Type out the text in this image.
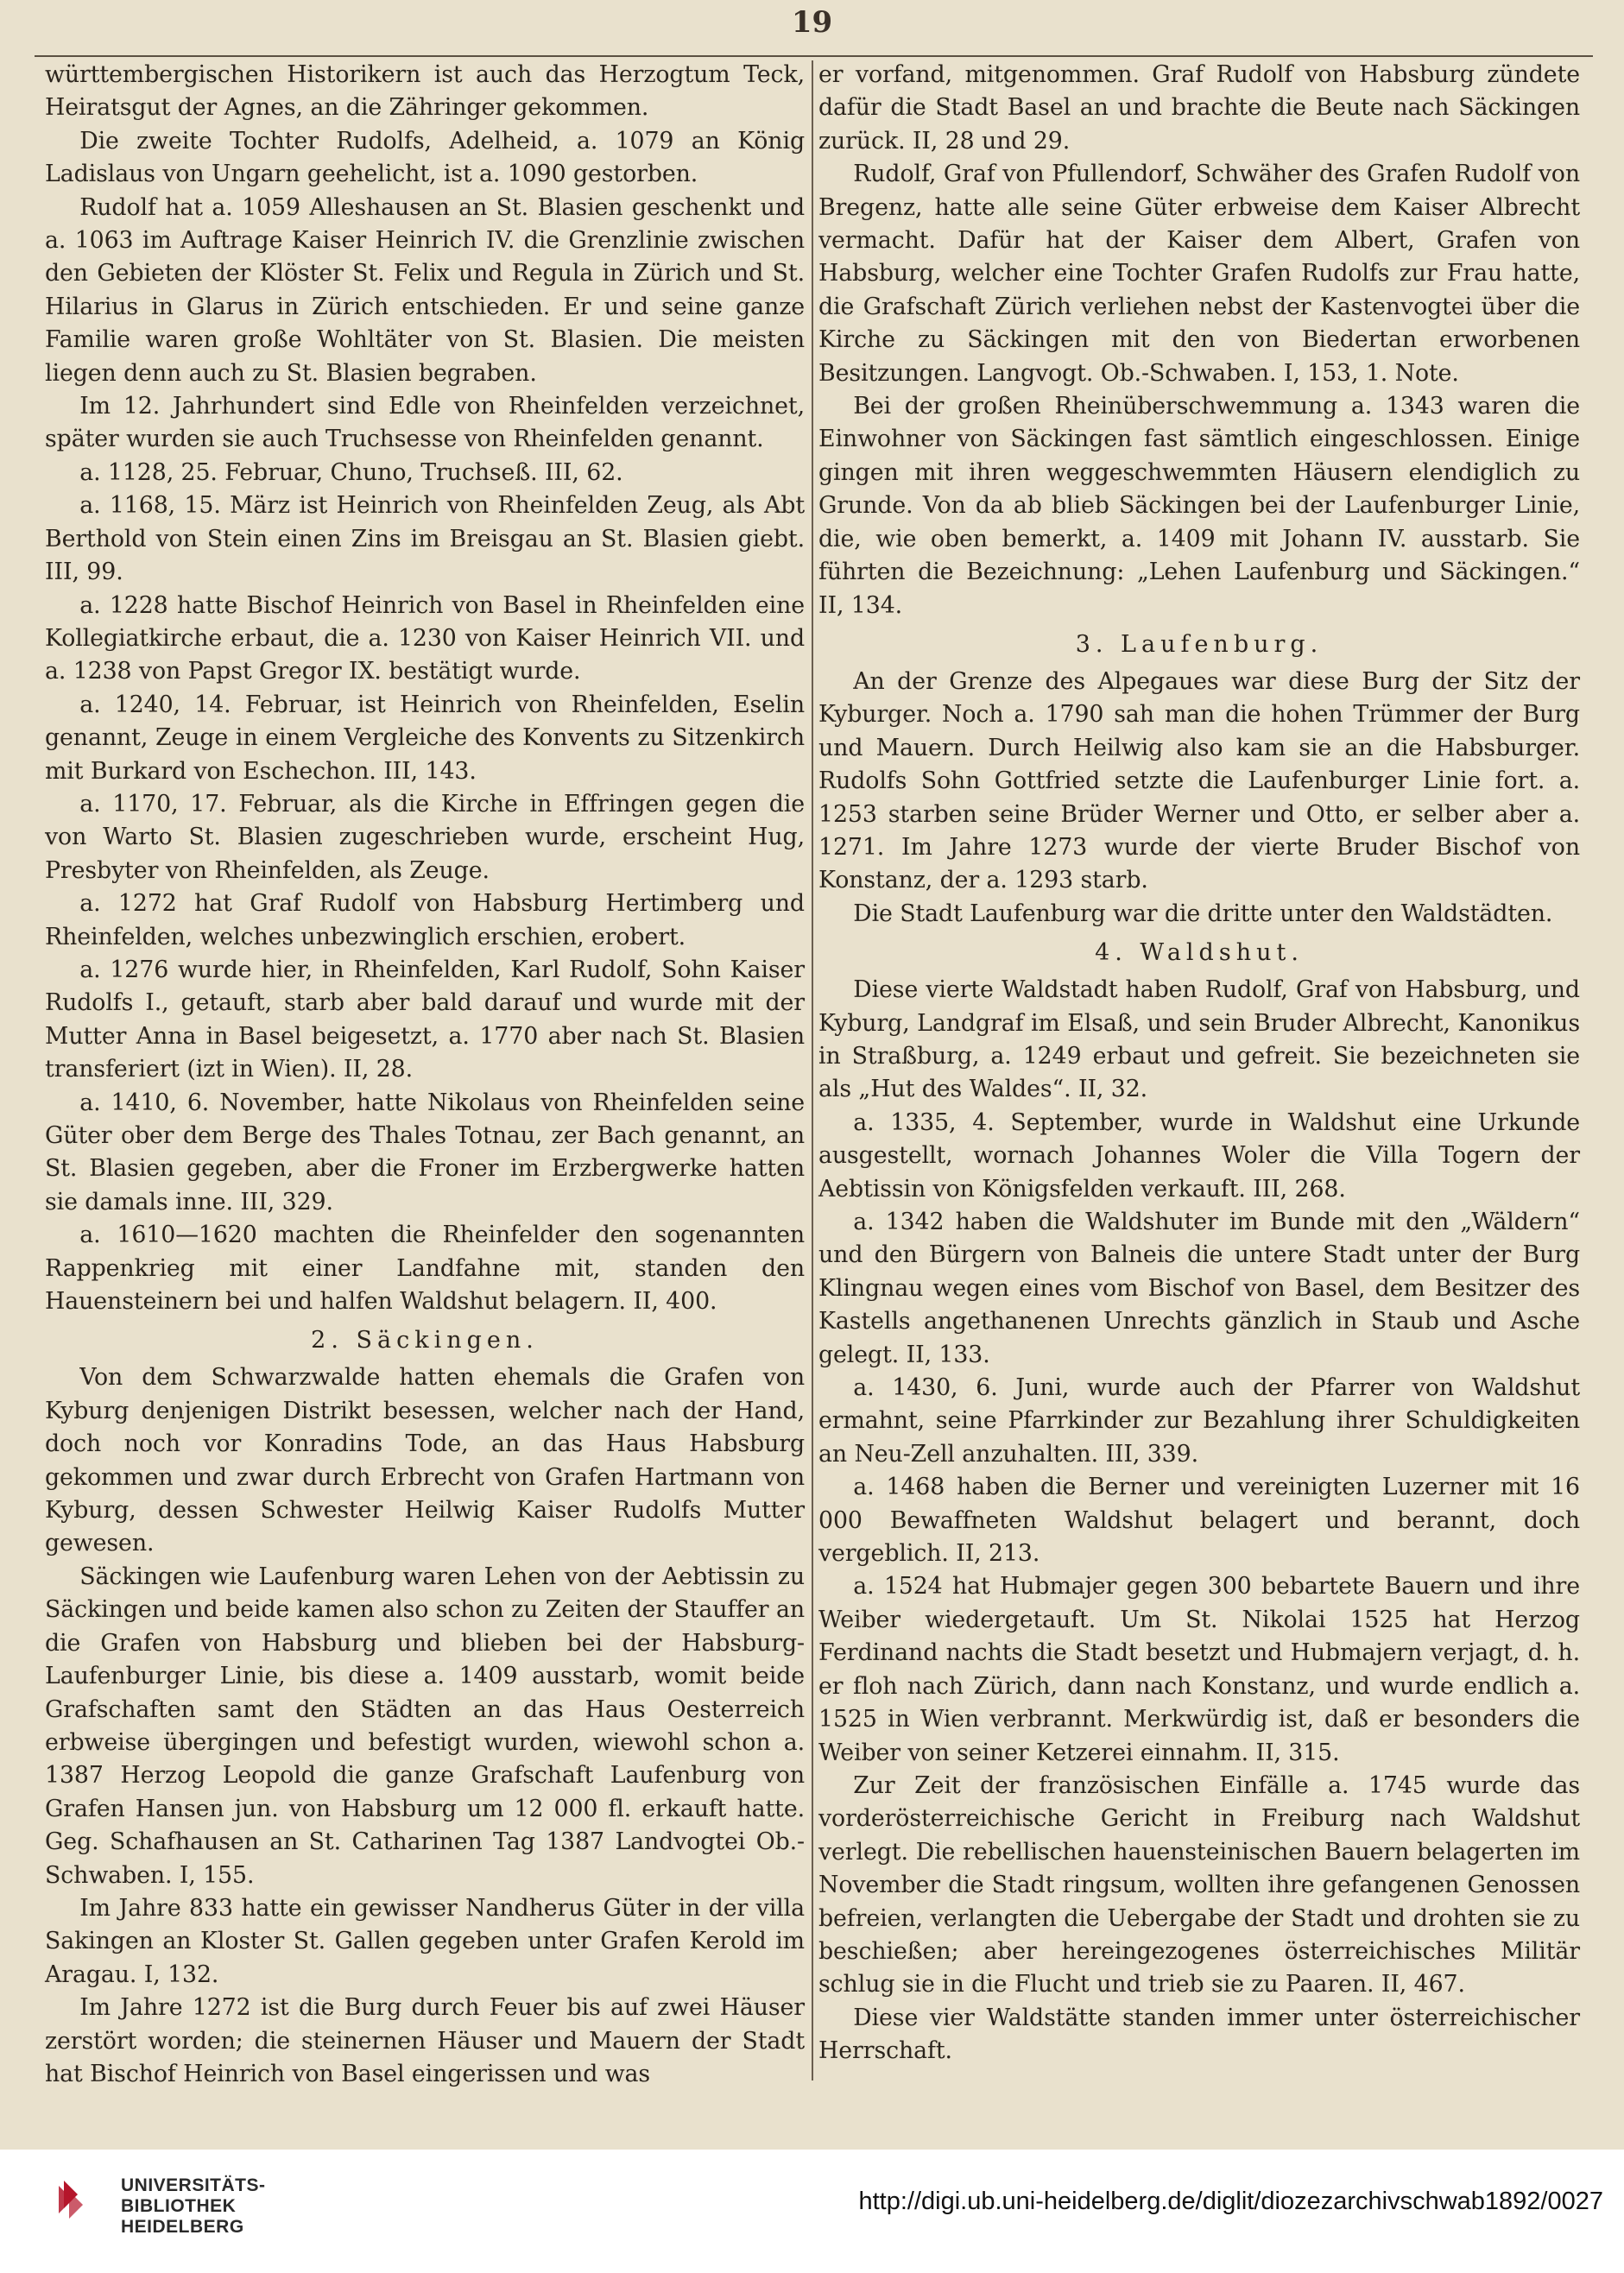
19

württembergischen Historikern ist auch das Herzogtum Teck, Heiratsgut der Agnes, an die Zähringer gekommen.

Die zweite Tochter Rudolfs, Adelheid, a. 1079 an König Ladislaus von Ungarn geehelicht, ist a. 1090 gestorben.

Rudolf hat a. 1059 Alleshausen an St. Blasien geschenkt und a. 1063 im Auftrage Kaiser Heinrich IV. die Grenzlinie zwischen den Gebieten der Klöster St. Felix und Regula in Zürich und St. Hilarius in Glarus in Zürich entschieden. Er und seine ganze Familie waren große Wohltäter von St. Blasien. Die meisten liegen denn auch zu St. Blasien begraben.

Im 12. Jahrhundert sind Edle von Rheinfelden verzeichnet, später wurden sie auch Truchsesse von Rheinfelden genannt.

a. 1128, 25. Februar, Chuno, Truchseß. III, 62.

a. 1168, 15. März ist Heinrich von Rheinfelden Zeug, als Abt Berthold von Stein einen Zins im Breisgau an St. Blasien giebt. III, 99.

a. 1228 hatte Bischof Heinrich von Basel in Rheinfelden eine Kollegiatkirche erbaut, die a. 1230 von Kaiser Heinrich VII. und a. 1238 von Papst Gregor IX. bestätigt wurde.

a. 1240, 14. Februar, ist Heinrich von Rheinfelden, Eselin genannt, Zeuge in einem Vergleiche des Konvents zu Sitzenkirch mit Burkard von Eschechon. III, 143.

a. 1170, 17. Februar, als die Kirche in Effringen gegen die von Warto St. Blasien zugeschrieben wurde, erscheint Hug, Presbyter von Rheinfelden, als Zeuge.

a. 1272 hat Graf Rudolf von Habsburg Hertimberg und Rheinfelden, welches unbezwinglich erschien, erobert.

a. 1276 wurde hier, in Rheinfelden, Karl Rudolf, Sohn Kaiser Rudolfs I., getauft, starb aber bald darauf und wurde mit der Mutter Anna in Basel beigesetzt, a. 1770 aber nach St. Blasien transferiert (izt in Wien). II, 28.

a. 1410, 6. November, hatte Nikolaus von Rheinfelden seine Güter ober dem Berge des Thales Totnau, zer Bach genannt, an St. Blasien gegeben, aber die Froner im Erzbergwerke hatten sie damals inne. III, 329.

a. 1610—1620 machten die Rheinfelder den sogenannten Rappenkrieg mit einer Landfahne mit, standen den Hauensteinern bei und halfen Waldshut belagern. II, 400.

2. Säckingen.

Von dem Schwarzwalde hatten ehemals die Grafen von Kyburg denjenigen Distrikt besessen, welcher nach der Hand, doch noch vor Konradins Tode, an das Haus Habsburg gekommen und zwar durch Erbrecht von Grafen Hartmann von Kyburg, dessen Schwester Heilwig Kaiser Rudolfs Mutter gewesen.

Säckingen wie Laufenburg waren Lehen von der Aebtissin zu Säckingen und beide kamen also schon zu Zeiten der Stauffer an die Grafen von Habsburg und blieben bei der Habsburg-Laufenburger Linie, bis diese a. 1409 ausstarb, womit beide Grafschaften samt den Städten an das Haus Oesterreich erbweise übergingen und befestigt wurden, wiewohl schon a. 1387 Herzog Leopold die ganze Grafschaft Laufenburg von Grafen Hansen jun. von Habsburg um 12 000 fl. erkauft hatte. Geg. Schafhausen an St. Catharinen Tag 1387 Landvogtei Ob.-Schwaben. I, 155.

Im Jahre 833 hatte ein gewisser Nandherus Güter in der villa Sakingen an Kloster St. Gallen gegeben unter Grafen Kerold im Aragau. I, 132.

Im Jahre 1272 ist die Burg durch Feuer bis auf zwei Häuser zerstört worden; die steinernen Häuser und Mauern der Stadt hat Bischof Heinrich von Basel eingerissen und was

er vorfand, mitgenommen. Graf Rudolf von Habsburg zündete dafür die Stadt Basel an und brachte die Beute nach Säckingen zurück. II, 28 und 29.

Rudolf, Graf von Pfullendorf, Schwäher des Grafen Rudolf von Bregenz, hatte alle seine Güter erbweise dem Kaiser Albrecht vermacht. Dafür hat der Kaiser dem Albert, Grafen von Habsburg, welcher eine Tochter Grafen Rudolfs zur Frau hatte, die Grafschaft Zürich verliehen nebst der Kastenvogtei über die Kirche zu Säckingen mit den von Biedertan erworbenen Besitzungen. Langvogt. Ob.-Schwaben. I, 153, 1. Note.

Bei der großen Rheinüberschwemmung a. 1343 waren die Einwohner von Säckingen fast sämtlich eingeschlossen. Einige gingen mit ihren weggeschwemmten Häusern elendiglich zu Grunde. Von da ab blieb Säckingen bei der Laufenburger Linie, die, wie oben bemerkt, a. 1409 mit Johann IV. ausstarb. Sie führten die Bezeichnung: „Lehen Laufenburg und Säckingen.“ II, 134.

3. Laufenburg.

An der Grenze des Alpegaues war diese Burg der Sitz der Kyburger. Noch a. 1790 sah man die hohen Trümmer der Burg und Mauern. Durch Heilwig also kam sie an die Habsburger. Rudolfs Sohn Gottfried setzte die Laufenburger Linie fort. a. 1253 starben seine Brüder Werner und Otto, er selber aber a. 1271. Im Jahre 1273 wurde der vierte Bruder Bischof von Konstanz, der a. 1293 starb.

Die Stadt Laufenburg war die dritte unter den Waldstädten.

4. Waldshut.

Diese vierte Waldstadt haben Rudolf, Graf von Habsburg, und Kyburg, Landgraf im Elsaß, und sein Bruder Albrecht, Kanonikus in Straßburg, a. 1249 erbaut und gefreit. Sie bezeichneten sie als „Hut des Waldes“. II, 32.

a. 1335, 4. September, wurde in Waldshut eine Urkunde ausgestellt, wornach Johannes Woler die Villa Togern der Aebtissin von Königsfelden verkauft. III, 268.

a. 1342 haben die Waldshuter im Bunde mit den „Wäldern“ und den Bürgern von Balneis die untere Stadt unter der Burg Klingnau wegen eines vom Bischof von Basel, dem Besitzer des Kastells angethanenen Unrechts gänzlich in Staub und Asche gelegt. II, 133.

a. 1430, 6. Juni, wurde auch der Pfarrer von Waldshut ermahnt, seine Pfarrkinder zur Bezahlung ihrer Schuldigkeiten an Neu-Zell anzuhalten. III, 339.

a. 1468 haben die Berner und vereinigten Luzerner mit 16 000 Bewaffneten Waldshut belagert und berannt, doch vergeblich. II, 213.

a. 1524 hat Hubmajer gegen 300 bebartete Bauern und ihre Weiber wiedergetauft. Um St. Nikolai 1525 hat Herzog Ferdinand nachts die Stadt besetzt und Hubmajern verjagt, d. h. er floh nach Zürich, dann nach Konstanz, und wurde endlich a. 1525 in Wien verbrannt. Merkwürdig ist, daß er besonders die Weiber von seiner Ketzerei einnahm. II, 315.

Zur Zeit der französischen Einfälle a. 1745 wurde das vorderösterreichische Gericht in Freiburg nach Waldshut verlegt. Die rebellischen hauensteinischen Bauern belagerten im November die Stadt ringsum, wollten ihre gefangenen Genossen befreien, verlangten die Uebergabe der Stadt und drohten sie zu beschießen; aber hereingezogenes österreichisches Militär schlug sie in die Flucht und trieb sie zu Paaren. II, 467.

Diese vier Waldstätte standen immer unter österreichischer Herrschaft.

UNIVERSITÄTS-
BIBLIOTHEK
HEIDELBERG
http://digi.ub.uni-heidelberg.de/diglit/diozezarchivschwab1892/0027
